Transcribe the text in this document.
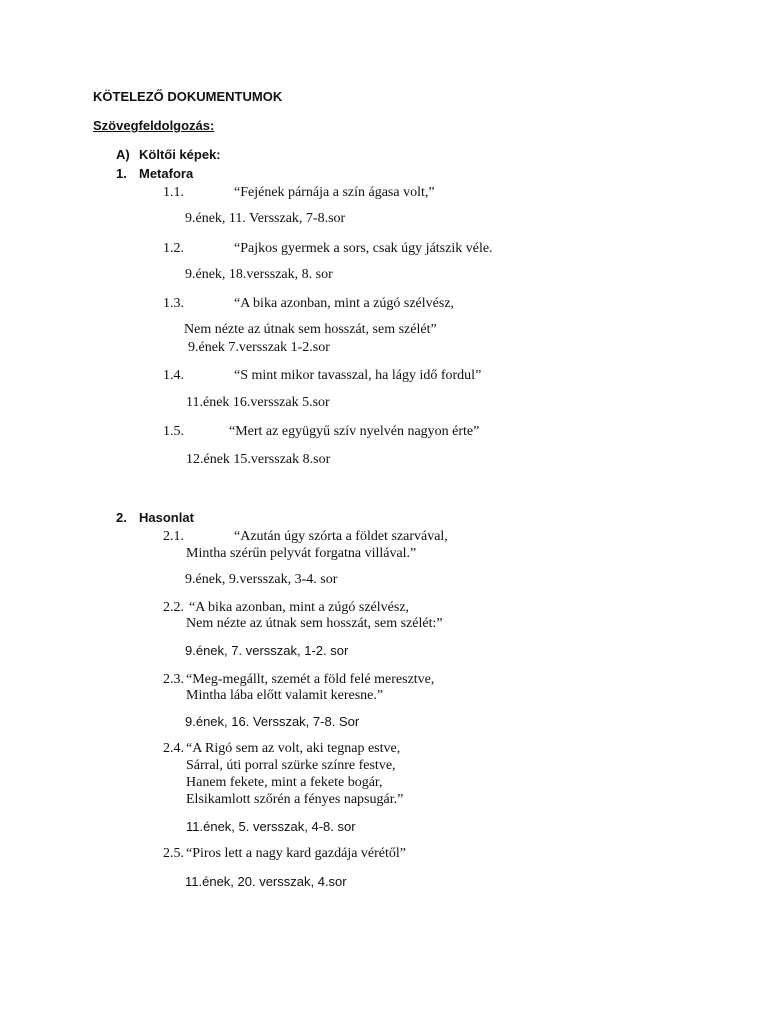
KÖTELEZŐ DOKUMENTUMOK
Szövegfeldolgozás:
A) Költői képek:
1. Metafora
1.1.	“Fejének párnája a szín ágasa volt,”
9.ének, 11. Versszak, 7-8.sor
1.2.	“Pajkos gyermek a sors, csak úgy játszik véle.
9.ének, 18.versszak, 8. sor
1.3.	“A bika azonban, mint a zúgó szélvész,
Nem nézte az útnak sem hosszát, sem szélét”
9.ének 7.versszak 1-2.sor
1.4.	“S mint mikor tavasszal, ha lágy idő fordul”
11.ének 16.versszak 5.sor
1.5.	“Mert az együgyű szív nyelvén nagyon érte”
12.ének 15.versszak 8.sor
2. Hasonlat
2.1.	“Azután úgy szórta a földet szarvával,
Mintha szérűn pelyvát forgatna villával.”
9.ének, 9.versszak, 3-4. sor
2.2. “A bika azonban, mint a zúgó szélvész,
Nem nézte az útnak sem hosszát, sem szélét:”
9.ének, 7. versszak, 1-2. sor
2.3. “Meg-megállt, szemét a föld felé meresztve,
Mintha lába előtt valamit keresne.”
9.ének, 16. Versszak, 7-8. Sor
2.4. “A Rigó sem az volt, aki tegnap estve,
Sárral, úti porral szürke színre festve,
Hanem fekete, mint a fekete bogár,
Elsikamlott szőrén a fényes napsugár.”
11.ének, 5. versszak, 4-8. sor
2.5. “Piros lett a nagy kard gazdája vérétől”
11.ének, 20. versszak, 4.sor
